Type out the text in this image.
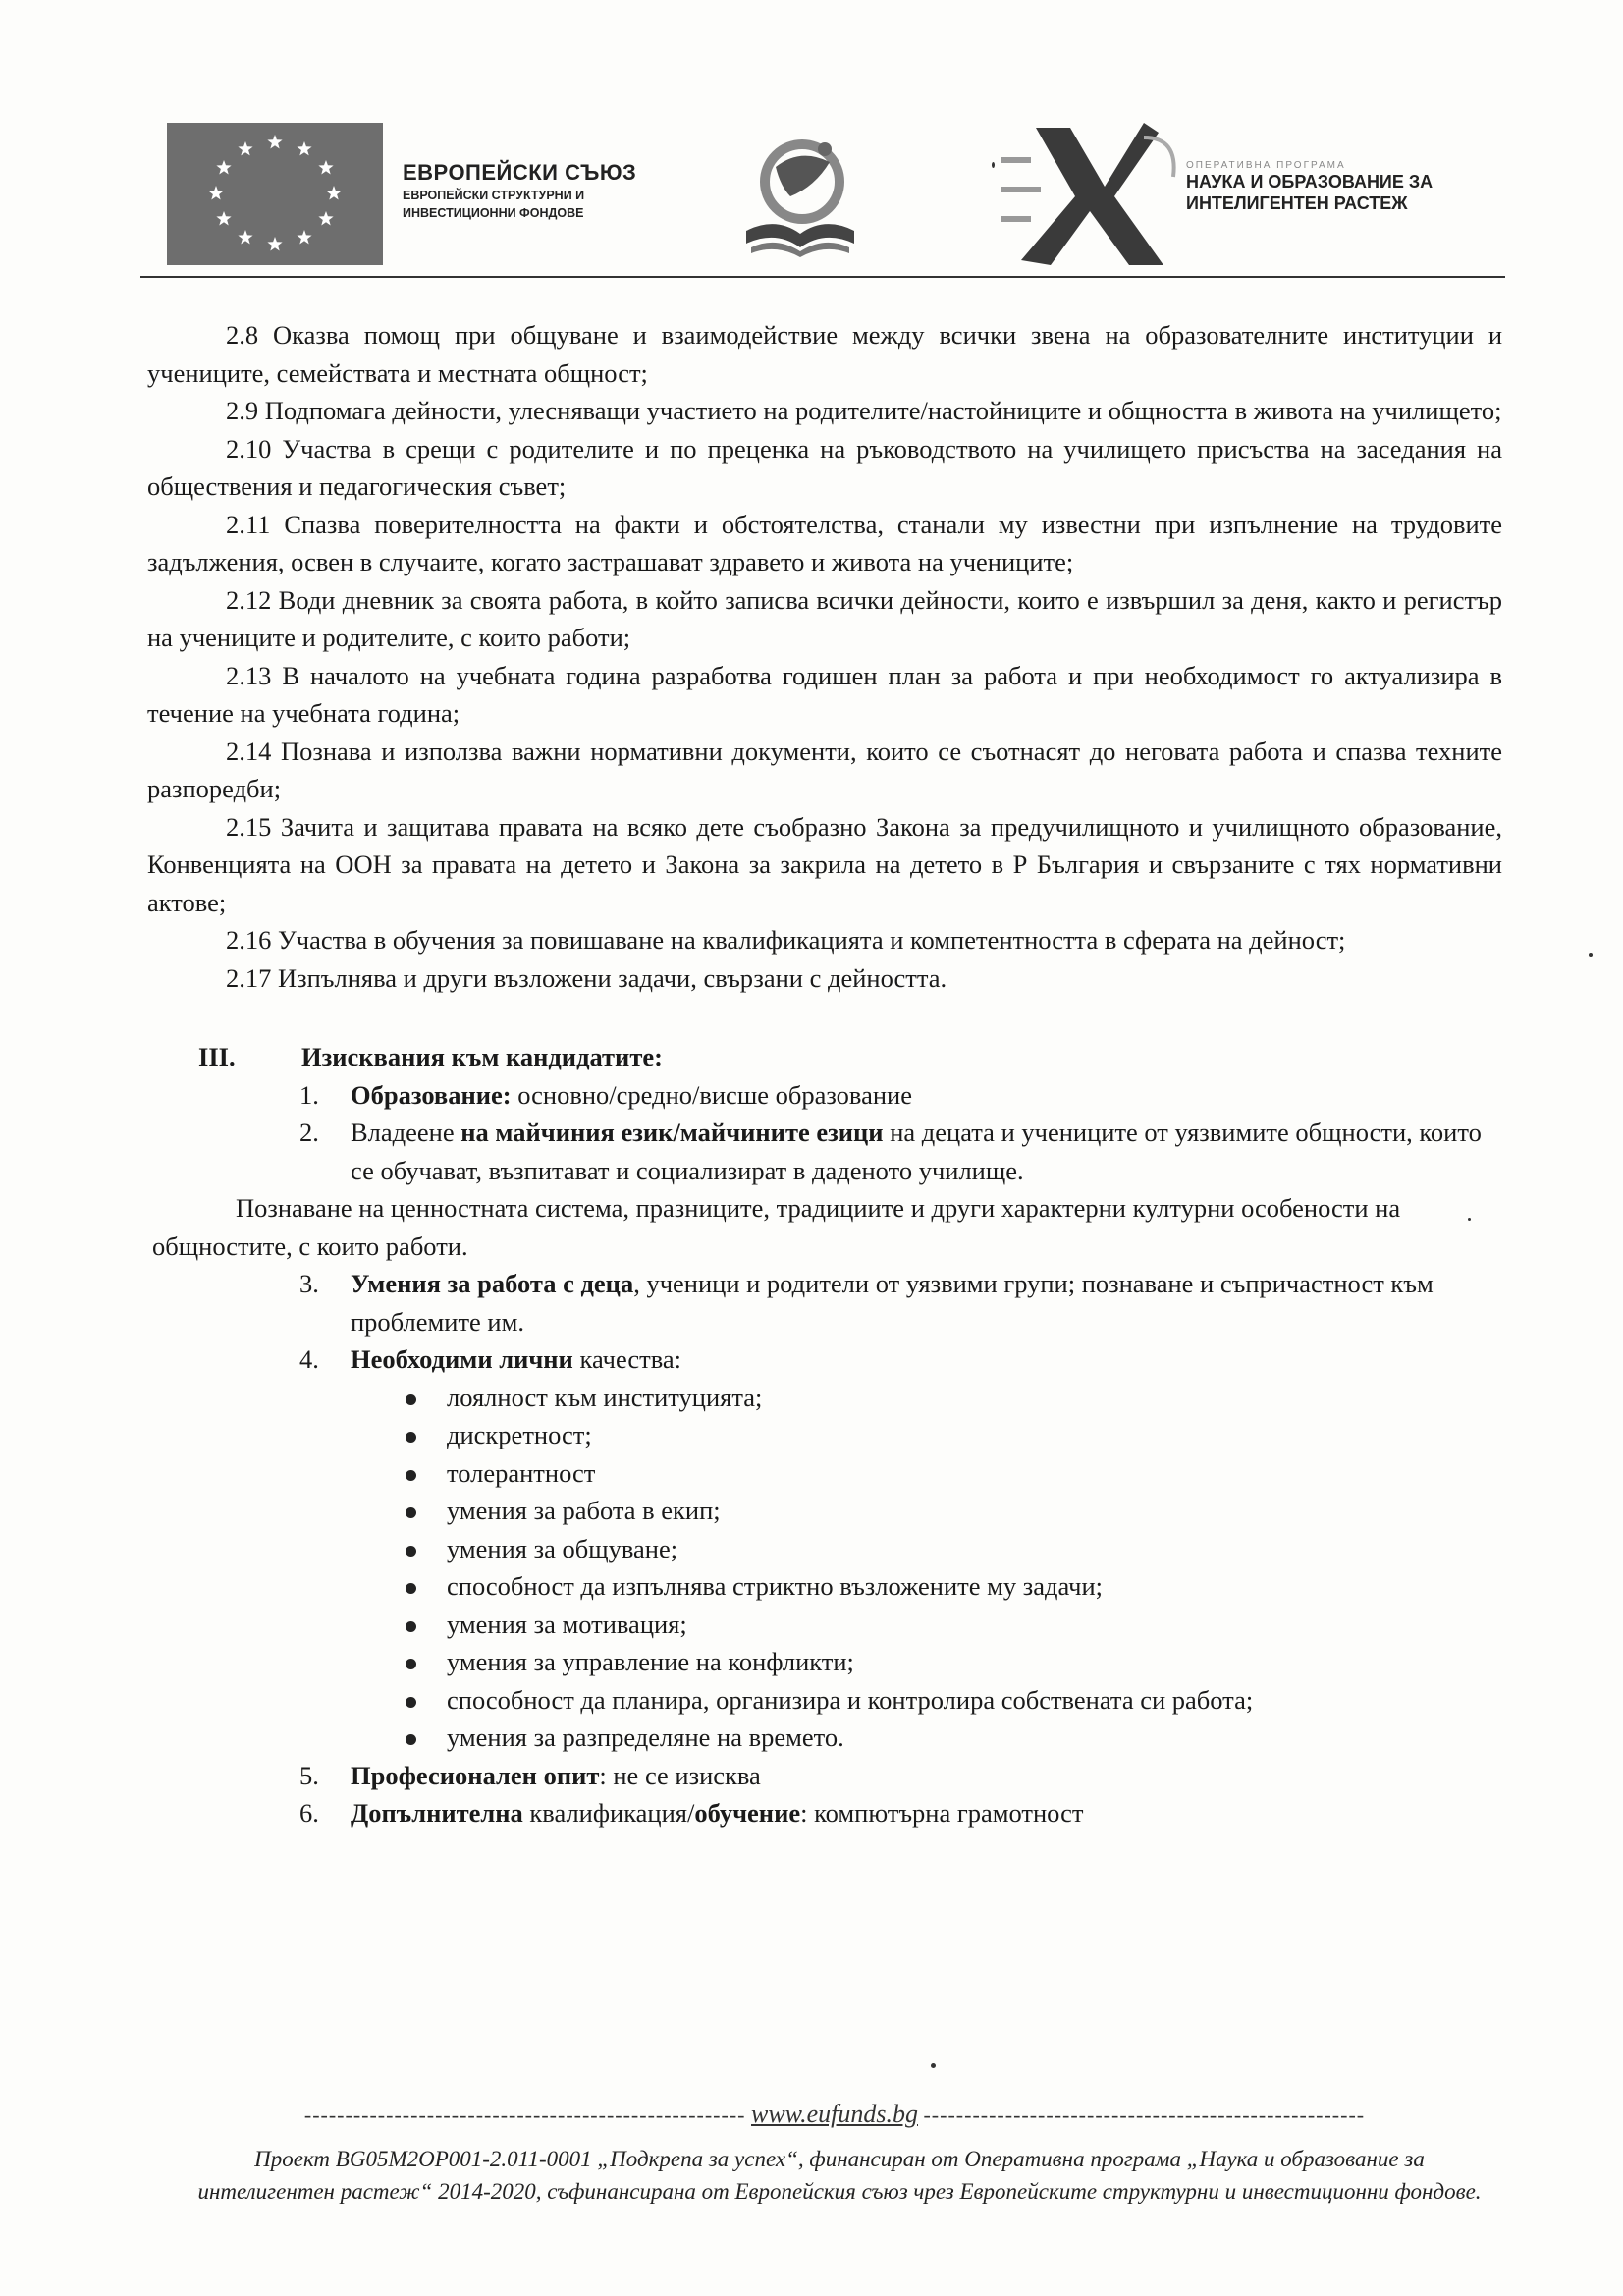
ЕВРОПЕЙСКИ СЪЮЗ
ЕВРОПЕЙСКИ СТРУКТУРНИ И
ИНВЕСТИЦИОННИ ФОНДОВЕ
ОПЕРАТИВНА ПРОГРАМА
НАУКА И ОБРАЗОВАНИЕ ЗА
ИНТЕЛИГЕНТЕН РАСТЕЖ

2.8 Оказва помощ при общуване и взаимодействие между всички звена на образователните институции и учениците, семействата и местната общност;

2.9 Подпомага дейности, улесняващи участието на родителите/настойниците и общността в живота на училището;

2.10 Участва в срещи с родителите и по преценка на ръководството на училището присъства на заседания на обществения и педагогическия съвет;

2.11 Спазва поверителността на факти и обстоятелства, станали му известни при изпълнение на трудовите задължения, освен в случаите, когато застрашават здравето и живота на учениците;

2.12 Води дневник за своята работа, в който записва всички дейности, които е извършил за деня, както и регистър на учениците и родителите, с които работи;

2.13 В началото на учебната година разработва годишен план за работа и при необходимост го актуализира в течение на учебната година;

2.14 Познава и използва важни нормативни документи, които се съотнасят до неговата работа и спазва техните разпоредби;

2.15 Зачита и защитава правата на всяко дете съобразно Закона за предучилищното и училищното образование, Конвенцията на ООН за правата на детето и Закона за закрила на детето в Р България и свързаните с тях нормативни актове;

2.16 Участва в обучения за повишаване на квалификацията и компетентността в сферата на дейност;

2.17 Изпълнява и други възложени задачи, свързани с дейността.

III.	Изисквания към кандидатите:
1.	Образование: основно/средно/висше образование
2.	Владеене на майчиния език/майчините езици на децата и учениците от уязвимите общности, които се обучават, възпитават и социализират в даденото училище.

Познаване на ценностната система, празниците, традициите и други характерни културни особености на общностите, с които работи.

3.	Умения за работа с деца, ученици и родители от уязвими групи; познаване и съпричастност към проблемите им.
4.	Необходими лични качества:
лоялност към институцията;
дискретност;
толерантност
умения за работа в екип;
умения за общуване;
способност да изпълнява стриктно възложените му задачи;
умения за мотивация;
умения за управление на конфликти;
способност да планира, организира и контролира собствената си работа;
умения за разпределяне на времето.
5.	Професионален опит: не се изисква
6.	Допълнителна квалификация/обучение: компютърна грамотност
------------------------------------------------------ www.eufunds.bg ------------------------------------------------------
Проект BG05M2OP001-2.011-0001 „Подкрепа за успех“, финансиран от Оперативна програма „Наука и образование за интелигентен растеж“ 2014-2020, съфинансирана от Европейския съюз чрез Европейските структурни и инвестиционни фондове.
